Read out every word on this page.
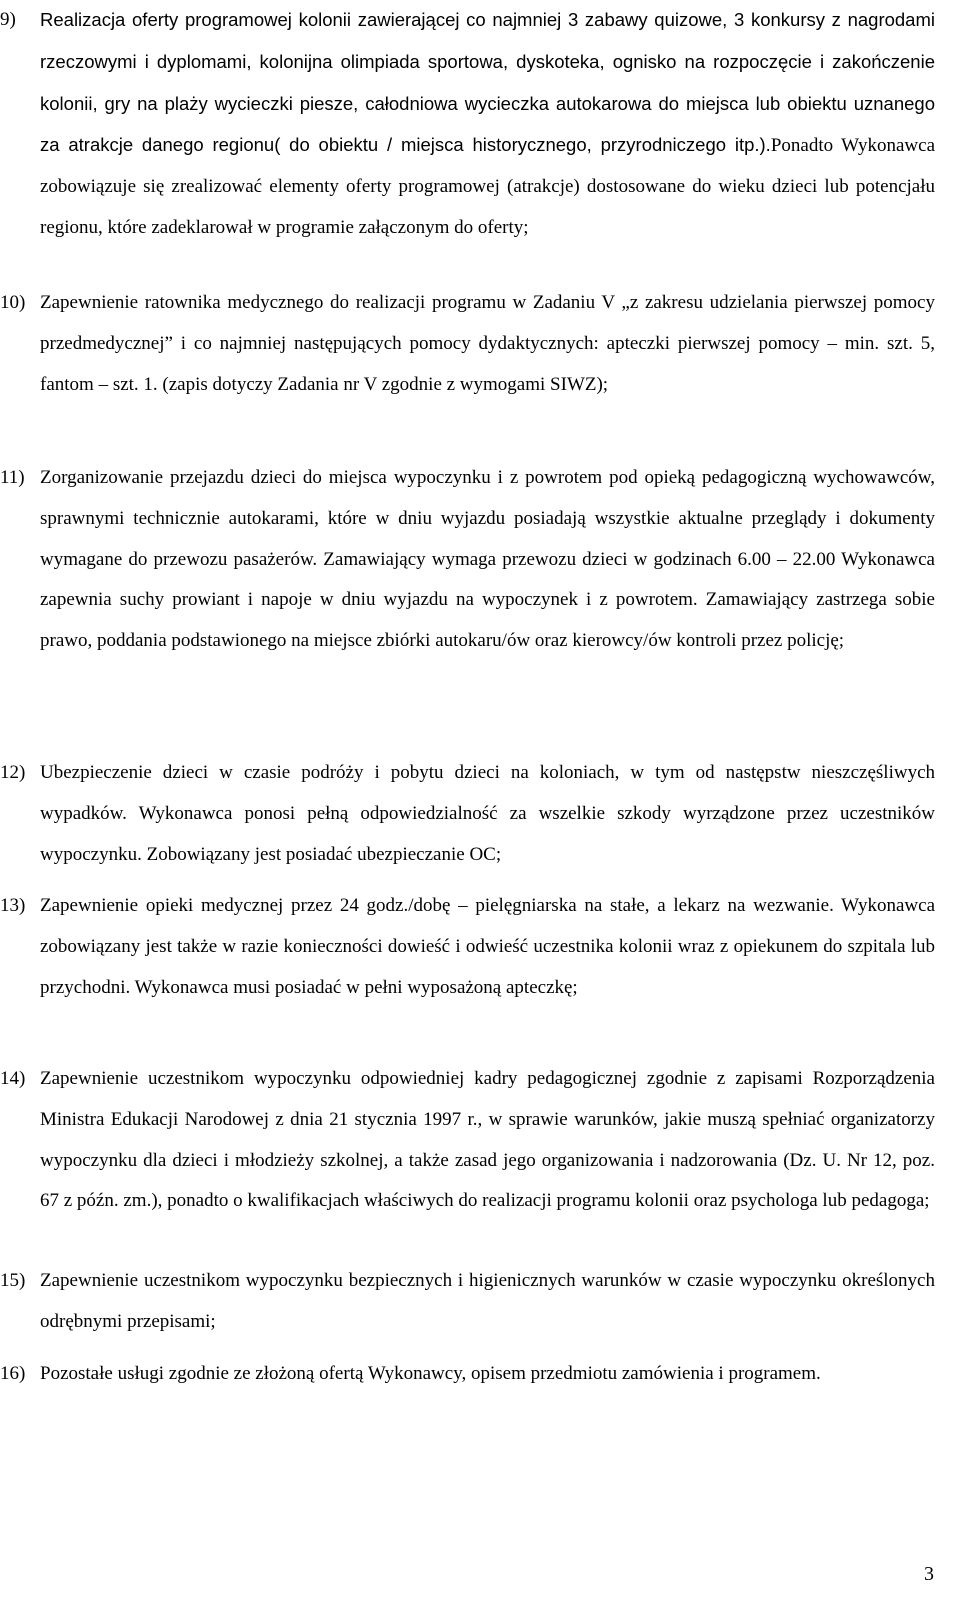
9)	Realizacja oferty programowej kolonii zawierającej co najmniej 3 zabawy quizowe, 3 konkursy z nagrodami rzeczowymi i dyplomami, kolonijna olimpiada sportowa, dyskoteka, ognisko na rozpoczęcie i zakończenie kolonii, gry na plaży wycieczki piesze, całodniowa wycieczka autokarowa do miejsca lub obiektu uznanego za atrakcje danego regionu( do obiektu / miejsca historycznego, przyrodniczego itp.).Ponadto Wykonawca zobowiązuje się zrealizować elementy oferty programowej (atrakcje) dostosowane do wieku dzieci lub potencjału regionu, które zadeklarował w programie załączonym do oferty;
10) Zapewnienie ratownika medycznego do realizacji programu w Zadaniu V „z zakresu udzielania pierwszej pomocy przedmedycznej” i co najmniej następujących pomocy dydaktycznych: apteczki pierwszej pomocy – min. szt. 5, fantom – szt. 1. (zapis dotyczy Zadania nr V zgodnie z wymogami SIWZ);
11) Zorganizowanie przejazdu dzieci do miejsca wypoczynku i z powrotem pod opieką pedagogiczną wychowawców, sprawnymi technicznie autokarami, które w dniu wyjazdu posiadają wszystkie aktualne przeglądy i dokumenty wymagane do przewozu pasażerów. Zamawiający wymaga przewozu dzieci w godzinach 6.00 – 22.00 Wykonawca zapewnia suchy prowiant i napoje w dniu wyjazdu na wypoczynek i z powrotem. Zamawiający zastrzega sobie prawo, poddania podstawionego na miejsce zbiórki autokaru/ów oraz kierowcy/ów kontroli przez policję;
12) Ubezpieczenie dzieci w czasie podróży i pobytu dzieci na koloniach, w tym od następstw nieszczęśliwych wypadków. Wykonawca ponosi pełną odpowiedzialność za wszelkie szkody wyrządzone przez uczestników wypoczynku. Zobowiązany jest posiadać ubezpieczanie OC;
13) Zapewnienie opieki medycznej przez 24 godz./dobę – pielęgniarska na stałe, a lekarz na wezwanie. Wykonawca zobowiązany jest także w razie konieczności dowieść i odwieść uczestnika kolonii wraz z opiekunem do szpitala lub przychodni. Wykonawca musi posiadać w pełni wyposażoną apteczkę;
14) Zapewnienie uczestnikom wypoczynku odpowiedniej kadry pedagogicznej zgodnie z zapisami Rozporządzenia Ministra Edukacji Narodowej z dnia 21 stycznia 1997 r., w sprawie warunków, jakie muszą spełniać organizatorzy wypoczynku dla dzieci i młodzieży szkolnej, a także zasad jego organizowania i nadzorowania (Dz. U. Nr 12, poz. 67 z późn. zm.), ponadto o kwalifikacjach właściwych do realizacji programu kolonii oraz psychologa lub pedagoga;
15) Zapewnienie uczestnikom wypoczynku bezpiecznych i higienicznych warunków w czasie wypoczynku określonych odrębnymi przepisami;
16) Pozostałe usługi zgodnie ze złożoną ofertą Wykonawcy, opisem przedmiotu zamówienia i programem.
3
